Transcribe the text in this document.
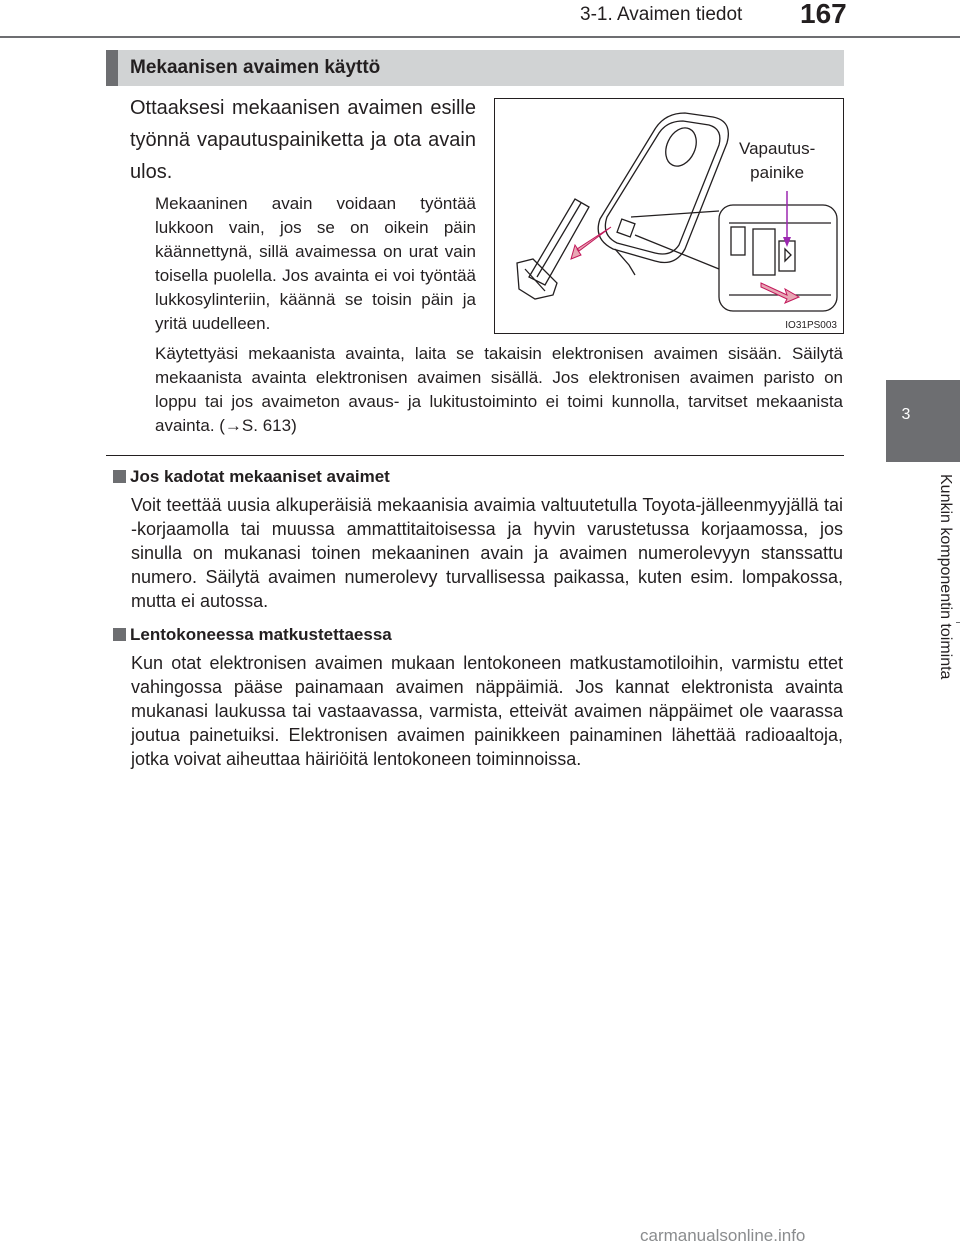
3-1. Avaimen tiedot 167
3
Kunkin komponentin toiminta
Mekaanisen avaimen käyttö
Ottaaksesi mekaanisen avaimen esille työnnä vapautuspainiketta ja ota avain ulos.
Mekaaninen avain voidaan työntää lukkoon vain, jos se on oikein päin käännettynä, sillä avaimessa on urat vain toisella puolella. Jos avainta ei voi työntää lukkosylinteriin, käännä se toisin päin ja yritä uudelleen.
Käytettyäsi mekaanista avainta, laita se takaisin elektronisen avaimen sisään. Säilytä mekaanista avainta elektronisen avaimen sisällä. Jos elektronisen avaimen paristo on loppu tai jos avaimeton avaus- ja lukitustoiminto ei toimi kunnolla, tarvitset mekaanista avainta. (→S. 613)
Vapautus-
painike
IO31PS003
Jos kadotat mekaaniset avaimet
Voit teettää uusia alkuperäisiä mekaanisia avaimia valtuutetulla Toyota-jälleenmyyjällä tai -korjaamolla tai muussa ammattitaitoisessa ja hyvin varustetussa korjaamossa, jos sinulla on mukanasi toinen mekaaninen avain ja avaimen numerolevyyn stanssattu numero. Säilytä avaimen numerolevy turvallisessa paikassa, kuten esim. lompakossa, mutta ei autossa.
Lentokoneessa matkustettaessa
Kun otat elektronisen avaimen mukaan lentokoneen matkustamotiloihin, varmistu ettet vahingossa pääse painamaan avaimen näppäimiä. Jos kannat elektronista avainta mukanasi laukussa tai vastaavassa, varmista, etteivät avaimen näppäimet ole vaarassa joutua painetuiksi. Elektronisen avaimen painikkeen painaminen lähettää radioaaltoja, jotka voivat aiheuttaa häiriöitä lentokoneen toiminnoissa.
carmanualsonline.info
